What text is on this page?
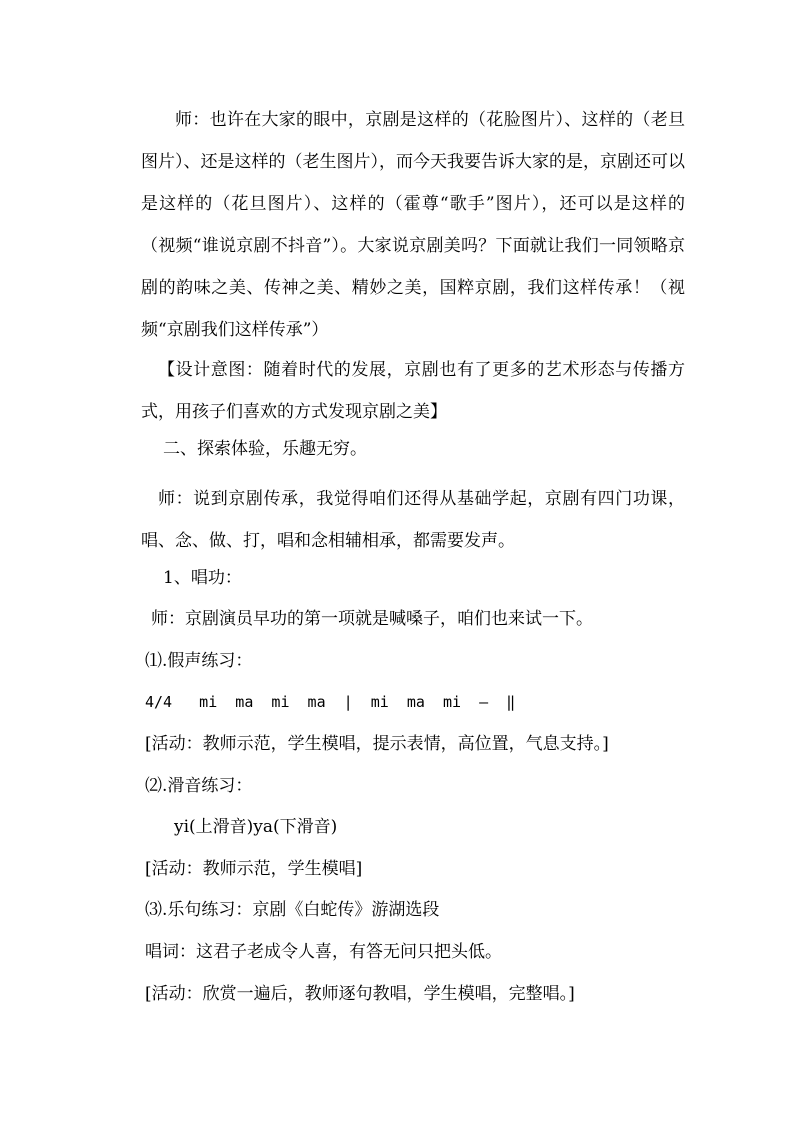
师：也许在大家的眼中，京剧是这样的（花脸图片）、这样的（老旦图片）、还是这样的（老生图片），而今天我要告诉大家的是，京剧还可以是这样的（花旦图片）、这样的（霍尊“歌手”图片），还可以是这样的（视频“谁说京剧不抖音”）。大家说京剧美吗？下面就让我们一同领略京剧的韵味之美、传神之美、精妙之美，国粹京剧，我们这样传承！（视频“京剧我们这样传承”）

【设计意图：随着时代的发展，京剧也有了更多的艺术形态与传播方式，用孩子们喜欢的方式发现京剧之美】

二、探索体验，乐趣无穷。

师：说到京剧传承，我觉得咱们还得从基础学起，京剧有四门功课，唱、念、做、打，唱和念相辅相承，都需要发声。

1、唱功：

师：京剧演员早功的第一项就是喊嗓子，咱们也来试一下。

⑴.假声练习：

4/4   mi  ma  mi  ma  |  mi  ma  mi  —  ‖

[活动：教师示范，学生模唱，提示表情，高位置，气息支持。]

⑵.滑音练习：

yi(上滑音)ya(下滑音)

[活动：教师示范，学生模唱]

⑶.乐句练习：京剧《白蛇传》游湖选段

唱词：这君子老成令人喜，有答无问只把头低。

[活动：欣赏一遍后，教师逐句教唱，学生模唱，完整唱。]
